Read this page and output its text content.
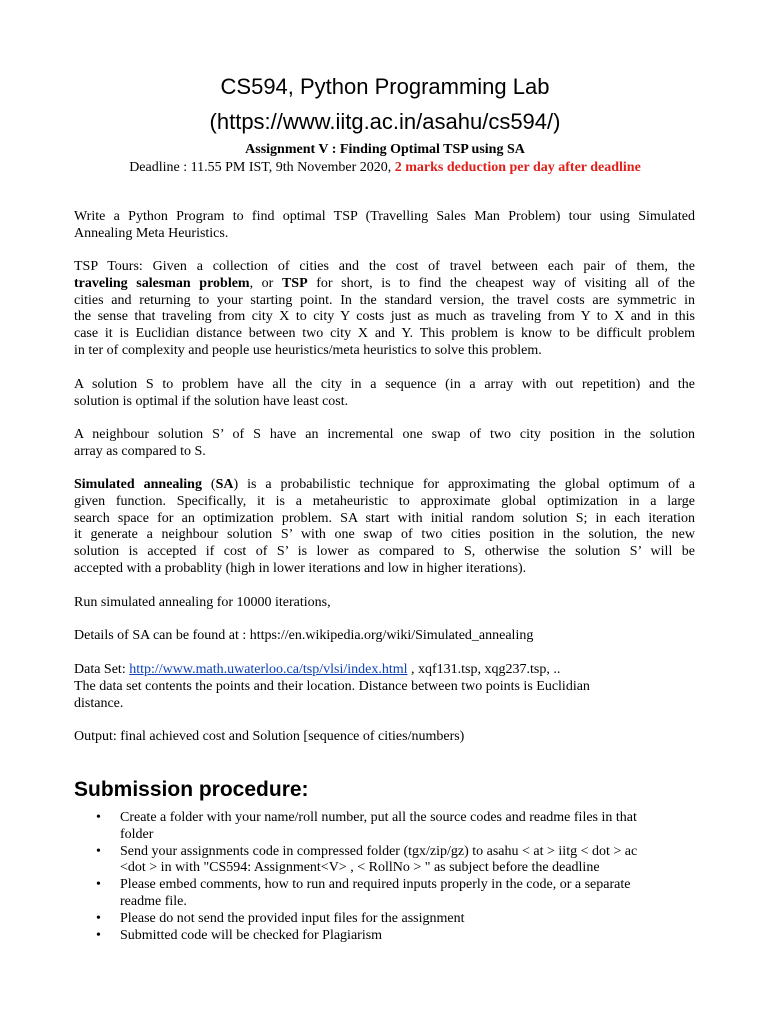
CS594, Python Programming Lab
(https://www.iitg.ac.in/asahu/cs594/)
Assignment V : Finding Optimal TSP using SA
Deadline : 11.55 PM IST, 9th November 2020, 2 marks deduction per day after deadline
Write a Python Program to find optimal TSP (Travelling Sales Man Problem) tour using Simulated
Annealing Meta Heuristics.
TSP Tours: Given a collection of cities and the cost of travel between each pair of them, the
traveling salesman problem, or TSP for short, is to find the cheapest way of visiting all of the
cities and returning to your starting point. In the standard version, the travel costs are symmetric in
the sense that traveling from city X to city Y costs just as much as traveling from Y to X and in this
case it is Euclidian distance between two city X and Y. This problem is know to be difficult problem
in ter of complexity and people use heuristics/meta heuristics to solve this problem.
A solution S to problem have all the city in a sequence (in a array with out repetition) and the
solution is optimal if the solution have least cost.
A neighbour solution S’ of S have an incremental one swap of two city position in the solution
array as compared to S.
Simulated annealing (SA) is a probabilistic technique for approximating the global optimum of a
given function. Specifically, it is a metaheuristic to approximate global optimization in a large
search space for an optimization problem. SA start with initial random solution S; in each iteration
it generate a neighbour solution S’ with one swap of two cities position in the solution, the new
solution is accepted if cost of S’ is lower as compared to S, otherwise the solution S’ will be
accepted with a probablity (high in lower iterations and low in higher iterations).
Run simulated annealing for 10000 iterations,
Details of SA can be found at : https://en.wikipedia.org/wiki/Simulated_annealing
Data Set: http://www.math.uwaterloo.ca/tsp/vlsi/index.html , xqf131.tsp, xqg237.tsp, ..
The data set contents the points and their location. Distance between two points is Euclidian
distance.
Output: final achieved cost and Solution [sequence of cities/numbers)
Submission procedure:
• Create a folder with your name/roll number, put all the source codes and readme files in that
folder
• Send your assignments code in compressed folder (tgx/zip/gz) to asahu < at > iitg < dot > ac
<dot > in with "CS594: Assignment<V> , < RollNo > " as subject before the deadline
• Please embed comments, how to run and required inputs properly in the code, or a separate
readme file.
• Please do not send the provided input files for the assignment
• Submitted code will be checked for Plagiarism
